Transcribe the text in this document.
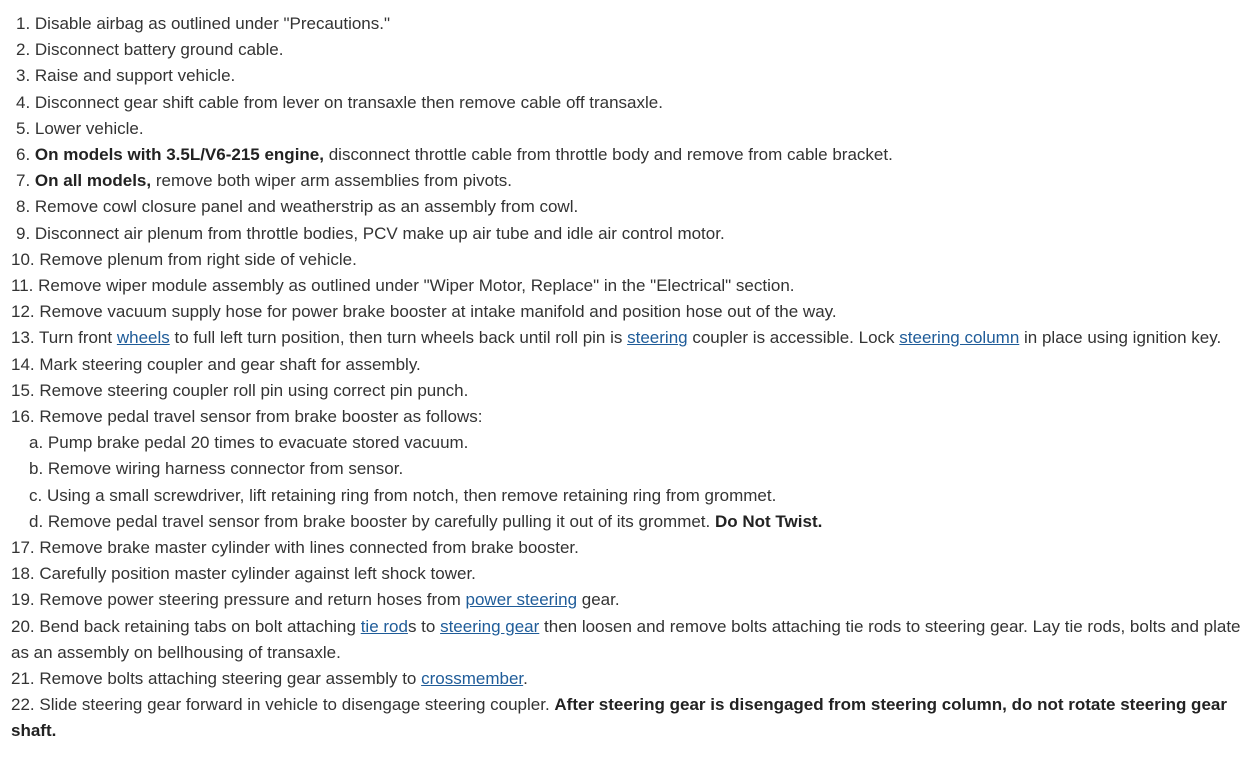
1. Disable airbag as outlined under "Precautions."
2. Disconnect battery ground cable.
3. Raise and support vehicle.
4. Disconnect gear shift cable from lever on transaxle then remove cable off transaxle.
5. Lower vehicle.
6. On models with 3.5L/V6-215 engine, disconnect throttle cable from throttle body and remove from cable bracket.
7. On all models, remove both wiper arm assemblies from pivots.
8. Remove cowl closure panel and weatherstrip as an assembly from cowl.
9. Disconnect air plenum from throttle bodies, PCV make up air tube and idle air control motor.
10. Remove plenum from right side of vehicle.
11. Remove wiper module assembly as outlined under "Wiper Motor, Replace" in the "Electrical" section.
12. Remove vacuum supply hose for power brake booster at intake manifold and position hose out of the way.
13. Turn front wheels to full left turn position, then turn wheels back until roll pin is steering coupler is accessible. Lock steering column in place using ignition key.
14. Mark steering coupler and gear shaft for assembly.
15. Remove steering coupler roll pin using correct pin punch.
16. Remove pedal travel sensor from brake booster as follows:
a. Pump brake pedal 20 times to evacuate stored vacuum.
b. Remove wiring harness connector from sensor.
c. Using a small screwdriver, lift retaining ring from notch, then remove retaining ring from grommet.
d. Remove pedal travel sensor from brake booster by carefully pulling it out of its grommet. Do Not Twist.
17. Remove brake master cylinder with lines connected from brake booster.
18. Carefully position master cylinder against left shock tower.
19. Remove power steering pressure and return hoses from power steering gear.
20. Bend back retaining tabs on bolt attaching tie rods to steering gear then loosen and remove bolts attaching tie rods to steering gear. Lay tie rods, bolts and plate as an assembly on bellhousing of transaxle.
21. Remove bolts attaching steering gear assembly to crossmember.
22. Slide steering gear forward in vehicle to disengage steering coupler. After steering gear is disengaged from steering column, do not rotate steering gear shaft.
